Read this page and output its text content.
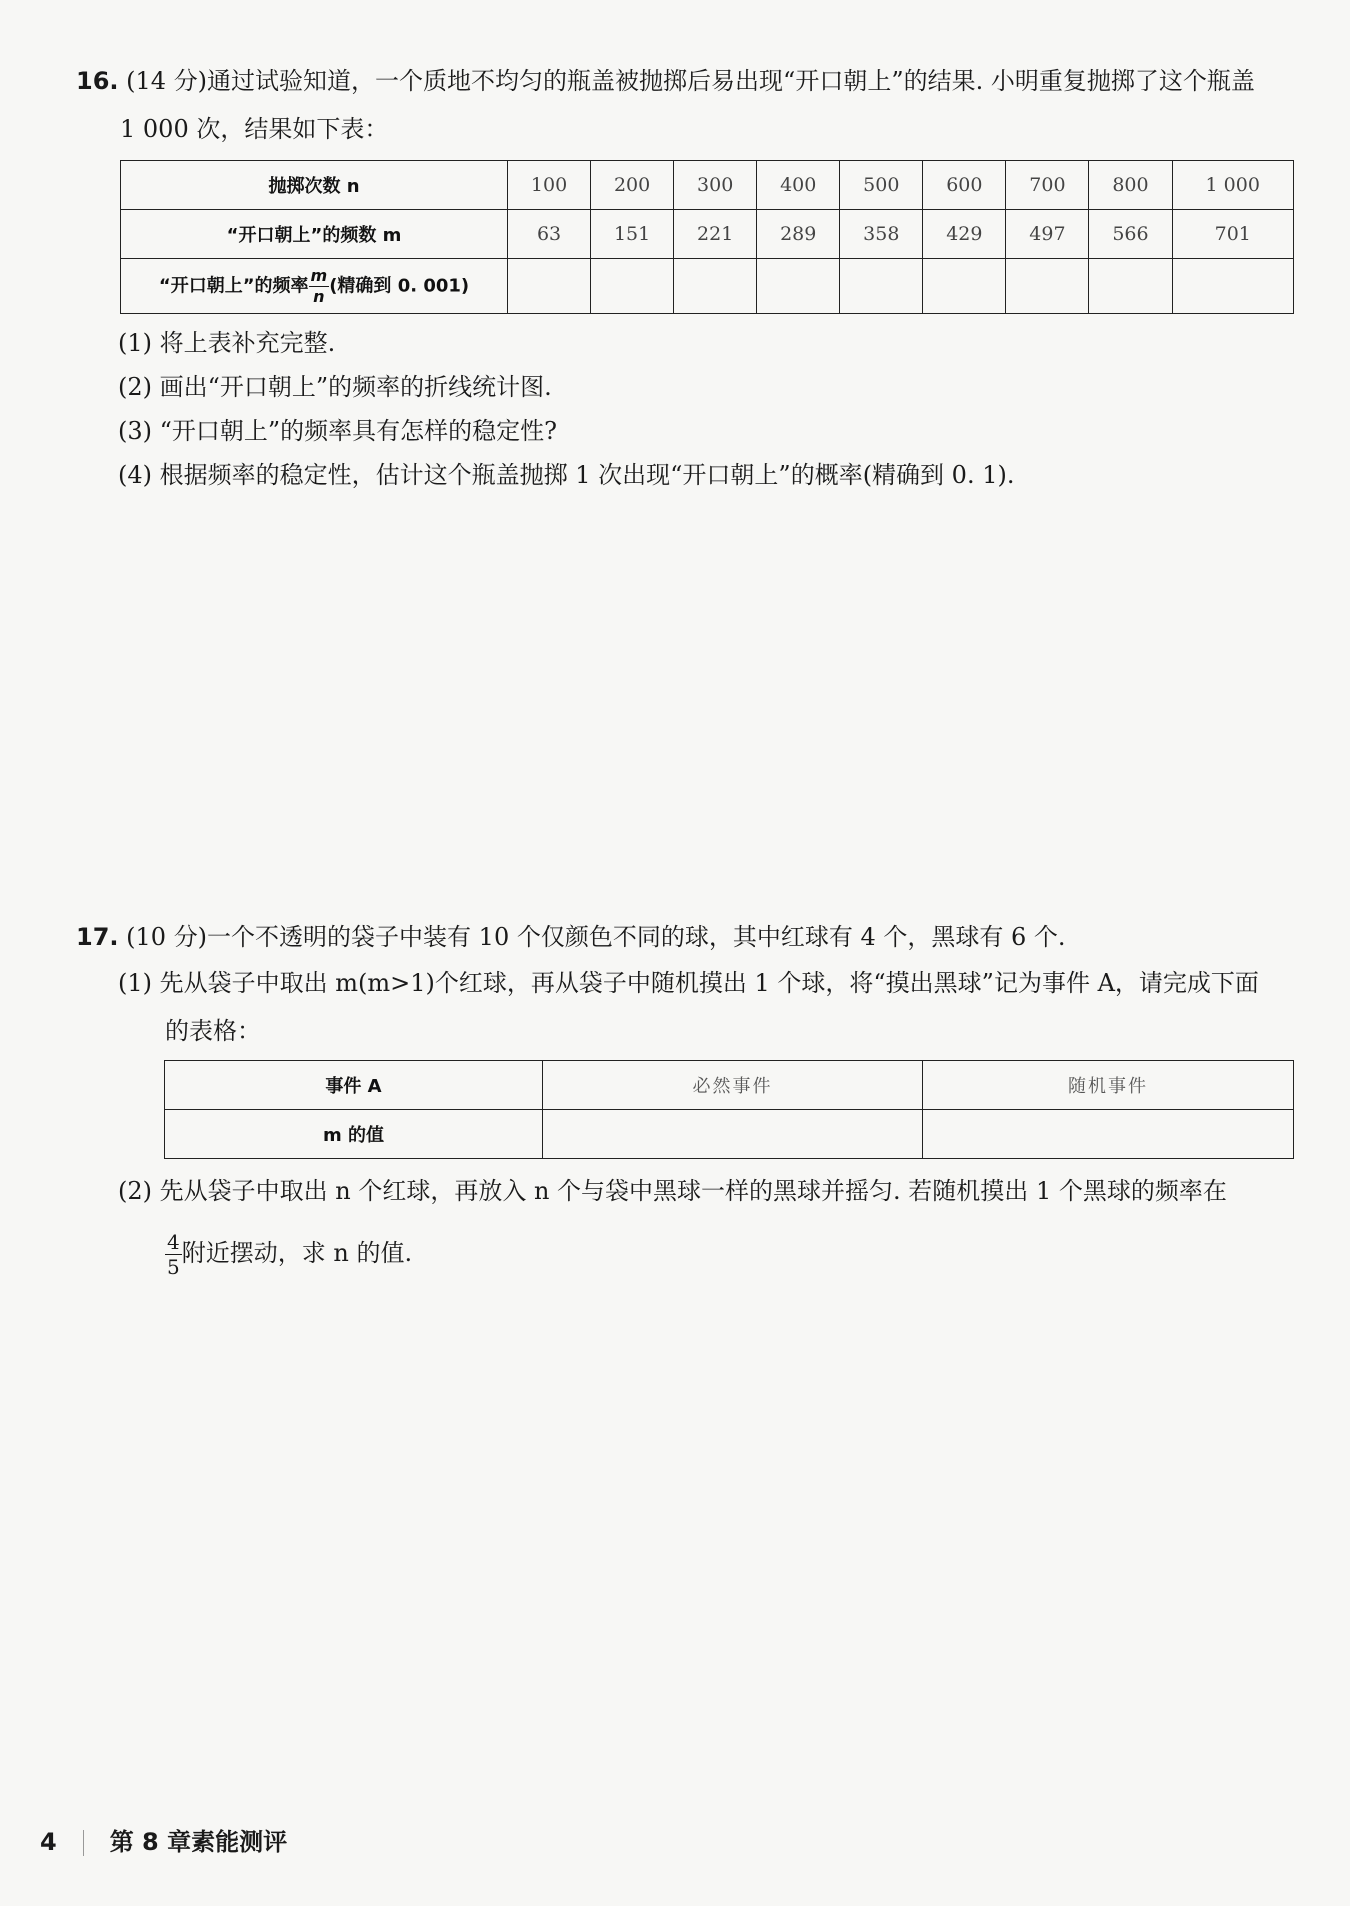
16. (14 分)通过试验知道，一个质地不均匀的瓶盖被抛掷后易出现“开口朝上”的结果. 小明重复抛掷了这个瓶盖
1 000 次，结果如下表：
抛掷次数 n	100	200	300	400	500	600	700	800	1 000
“开口朝上”的频数 m	63	151	221	289	358	429	497	566	701
“开口朝上”的频率 $\frac{m}{n}$ (精确到 0. 001)									
(1) 将上表补充完整.
(2) 画出“开口朝上”的频率的折线统计图.
(3) “开口朝上”的频率具有怎样的稳定性?
(4) 根据频率的稳定性，估计这个瓶盖抛掷 1 次出现“开口朝上”的概率(精确到 0. 1).
17. (10 分)一个不透明的袋子中装有 10 个仅颜色不同的球，其中红球有 4 个，黑球有 6 个.
(1) 先从袋子中取出 m(m>1)个红球，再从袋子中随机摸出 1 个球，将“摸出黑球”记为事件 A，请完成下面
的表格：
事件 A	必然事件	随机事件
m 的值		
(2) 先从袋子中取出 n 个红球，再放入 n 个与袋中黑球一样的黑球并摇匀. 若随机摸出 1 个黑球的频率在
$\frac{4}{5}$ 附近摆动，求 n 的值.
4 第 8 章素能测评
